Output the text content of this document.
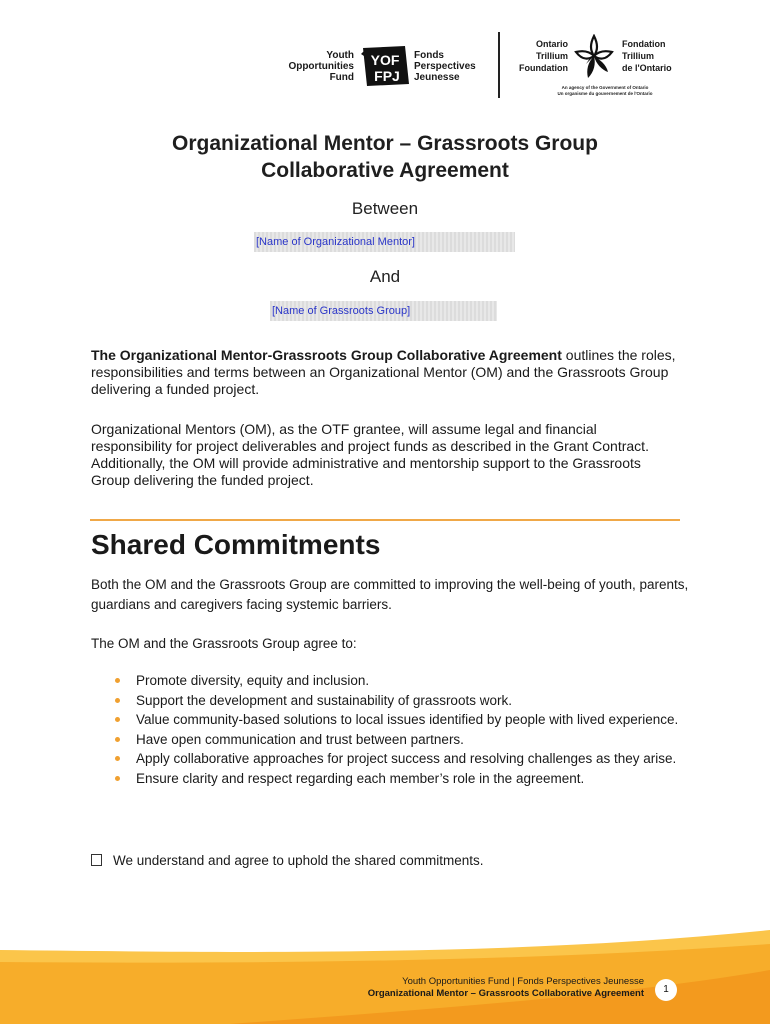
Youth
Opportunities
Fund
YOF
FPJ
Fonds
Perspectives
Jeunesse
Ontario
Trillium
Foundation
Fondation
Trillium
de l'Ontario
An agency of the Government of Ontario
Un organisme du gouvernement de l'Ontario
Organizational Mentor – Grassroots Group
Collaborative Agreement
Between
[Name of Organizational Mentor]
And
[Name of Grassroots Group]
The Organizational Mentor-Grassroots Group Collaborative Agreement outlines the roles, responsibilities and terms between an Organizational Mentor (OM) and the Grassroots Group delivering a funded project.
Organizational Mentors (OM), as the OTF grantee, will assume legal and financial responsibility for project deliverables and project funds as described in the Grant Contract. Additionally, the OM will provide administrative and mentorship support to the Grassroots Group delivering the funded project.
Shared Commitments
Both the OM and the Grassroots Group are committed to improving the well-being of youth, parents, guardians and caregivers facing systemic barriers.
The OM and the Grassroots Group agree to:
Promote diversity, equity and inclusion.
Support the development and sustainability of grassroots work.
Value community-based solutions to local issues identified by people with lived experience.
Have open communication and trust between partners.
Apply collaborative approaches for project success and resolving challenges as they arise.
Ensure clarity and respect regarding each member’s role in the agreement.
We understand and agree to uphold the shared commitments.
Youth Opportunities Fund | Fonds Perspectives Jeunesse
Organizational Mentor – Grassroots Collaborative Agreement	1
